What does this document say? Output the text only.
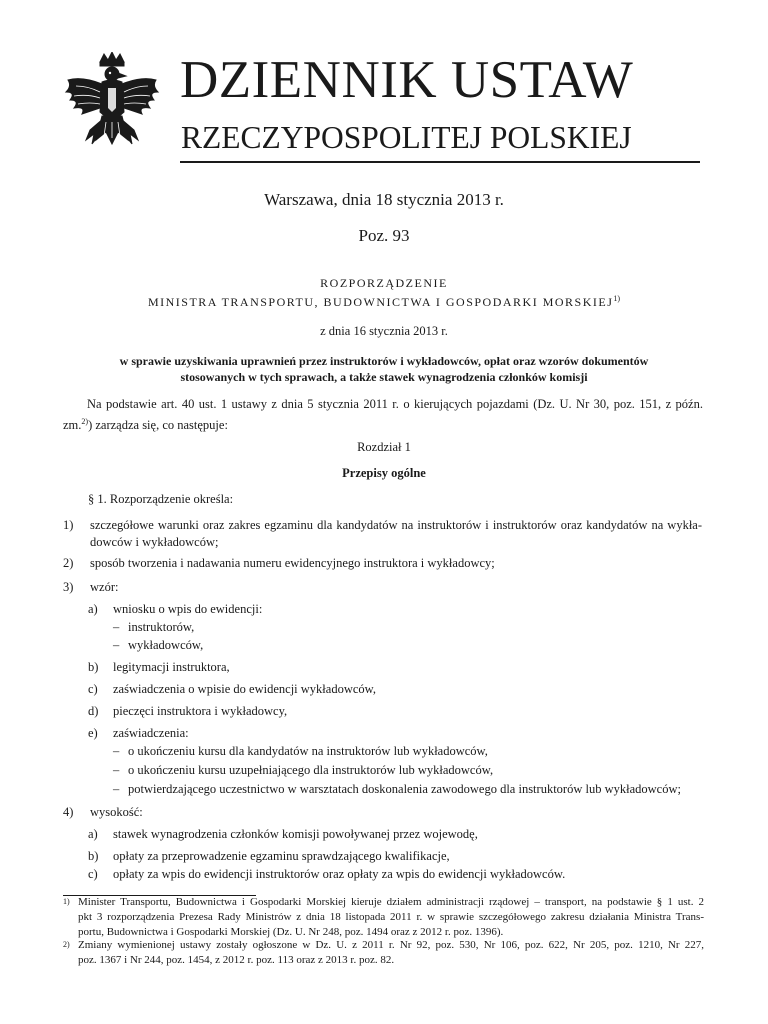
DZIENNIK USTAW
RZECZYPOSPOLITEJ POLSKIEJ
Warszawa, dnia 18 stycznia 2013 r.
Poz. 93
ROZPORZĄDZENIE
MINISTRA TRANSPORTU, BUDOWNICTWA I GOSPODARKI MORSKIEJ$^{1)}$
z dnia 16 stycznia 2013 r.
w sprawie uzyskiwania uprawnień przez instruktorów i wykładowców, opłat oraz wzorów dokumentów
stosowanych w tych sprawach, a także stawek wynagrodzenia członków komisji
Na podstawie art. 40 ust. 1 ustawy z dnia 5 stycznia 2011 r. o kierujących pojazdami (Dz. U. Nr 30, poz. 151, z późn. zm.$^{2)}$) zarządza się, co następuje:
Rozdział 1
Przepisy ogólne
§ 1. Rozporządzenie określa:
1) szczegółowe warunki oraz zakres egzaminu dla kandydatów na instruktorów i instruktorów oraz kandydatów na wykła-
dowców i wykładowców;
2) sposób tworzenia i nadawania numeru ewidencyjnego instruktora i wykładowcy;
3) wzór:
a) wniosku o wpis do ewidencji:
– instruktorów,
– wykładowców,
b) legitymacji instruktora,
c) zaświadczenia o wpisie do ewidencji wykładowców,
d) pieczęci instruktora i wykładowcy,
e) zaświadczenia:
– o ukończeniu kursu dla kandydatów na instruktorów lub wykładowców,
– o ukończeniu kursu uzupełniającego dla instruktorów lub wykładowców,
– potwierdzającego uczestnictwo w warsztatach doskonalenia zawodowego dla instruktorów lub wykładowców;
4) wysokość:
a) stawek wynagrodzenia członków komisji powoływanej przez wojewodę,
b) opłaty za przeprowadzenie egzaminu sprawdzającego kwalifikacje,
c) opłaty za wpis do ewidencji instruktorów oraz opłaty za wpis do ewidencji wykładowców.
1) Minister Transportu, Budownictwa i Gospodarki Morskiej kieruje działem administracji rządowej – transport, na podstawie § 1 ust. 2
pkt 3 rozporządzenia Prezesa Rady Ministrów z dnia 18 listopada 2011 r. w sprawie szczegółowego zakresu działania Ministra Trans-
portu, Budownictwa i Gospodarki Morskiej (Dz. U. Nr 248, poz. 1494 oraz z 2012 r. poz. 1396).
2) Zmiany wymienionej ustawy zostały ogłoszone w Dz. U. z 2011 r. Nr 92, poz. 530, Nr 106, poz. 622, Nr 205, poz. 1210, Nr 227,
poz. 1367 i Nr 244, poz. 1454, z 2012 r. poz. 113 oraz z 2013 r. poz. 82.
